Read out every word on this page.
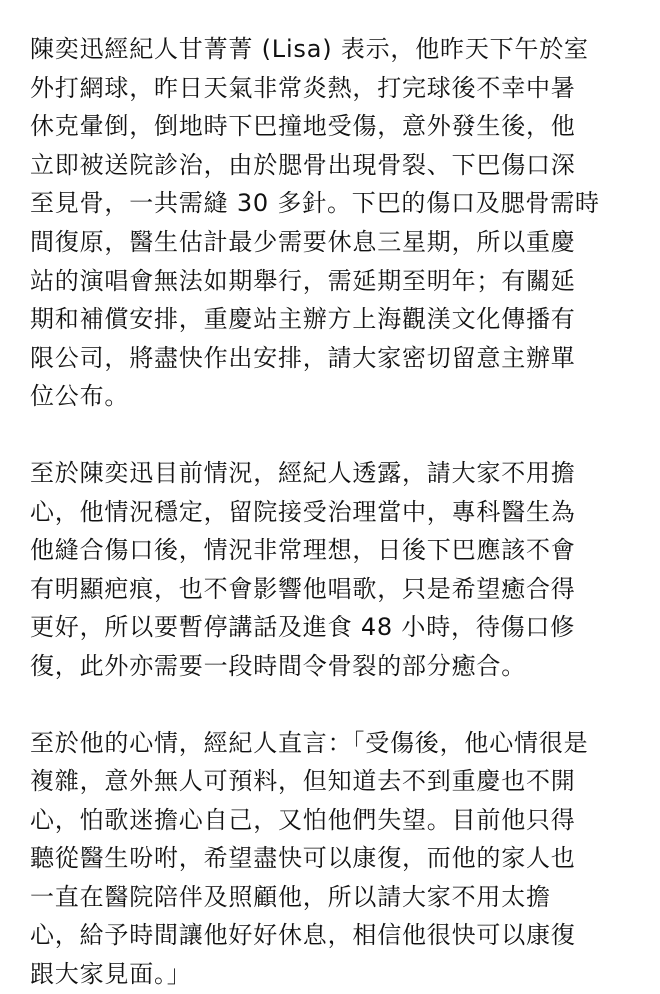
陳奕迅經紀人甘菁菁 (Lisa) 表示，他昨天下午於室
外打網球，昨日天氣非常炎熱，打完球後不幸中暑
休克暈倒，倒地時下巴撞地受傷，意外發生後，他
立即被送院診治，由於腮骨出現骨裂、下巴傷口深
至見骨，一共需縫 30 多針。下巴的傷口及腮骨需時
間復原，醫生估計最少需要休息三星期，所以重慶
站的演唱會無法如期舉行，需延期至明年；有關延
期和補償安排，重慶站主辦方上海觀渼文化傳播有
限公司，將盡快作出安排，請大家密切留意主辦單
位公布。

至於陳奕迅目前情況，經紀人透露，請大家不用擔
心，他情況穩定，留院接受治理當中，專科醫生為
他縫合傷口後，情況非常理想，日後下巴應該不會
有明顯疤痕，也不會影響他唱歌，只是希望癒合得
更好，所以要暫停講話及進食 48 小時，待傷口修
復，此外亦需要一段時間令骨裂的部分癒合。

至於他的心情，經紀人直言：「受傷後，他心情很是
複雜，意外無人可預料，但知道去不到重慶也不開
心，怕歌迷擔心自己，又怕他們失望。目前他只得
聽從醫生吩咐，希望盡快可以康復，而他的家人也
一直在醫院陪伴及照顧他，所以請大家不用太擔
心，給予時間讓他好好休息，相信他很快可以康復
跟大家見面。」
